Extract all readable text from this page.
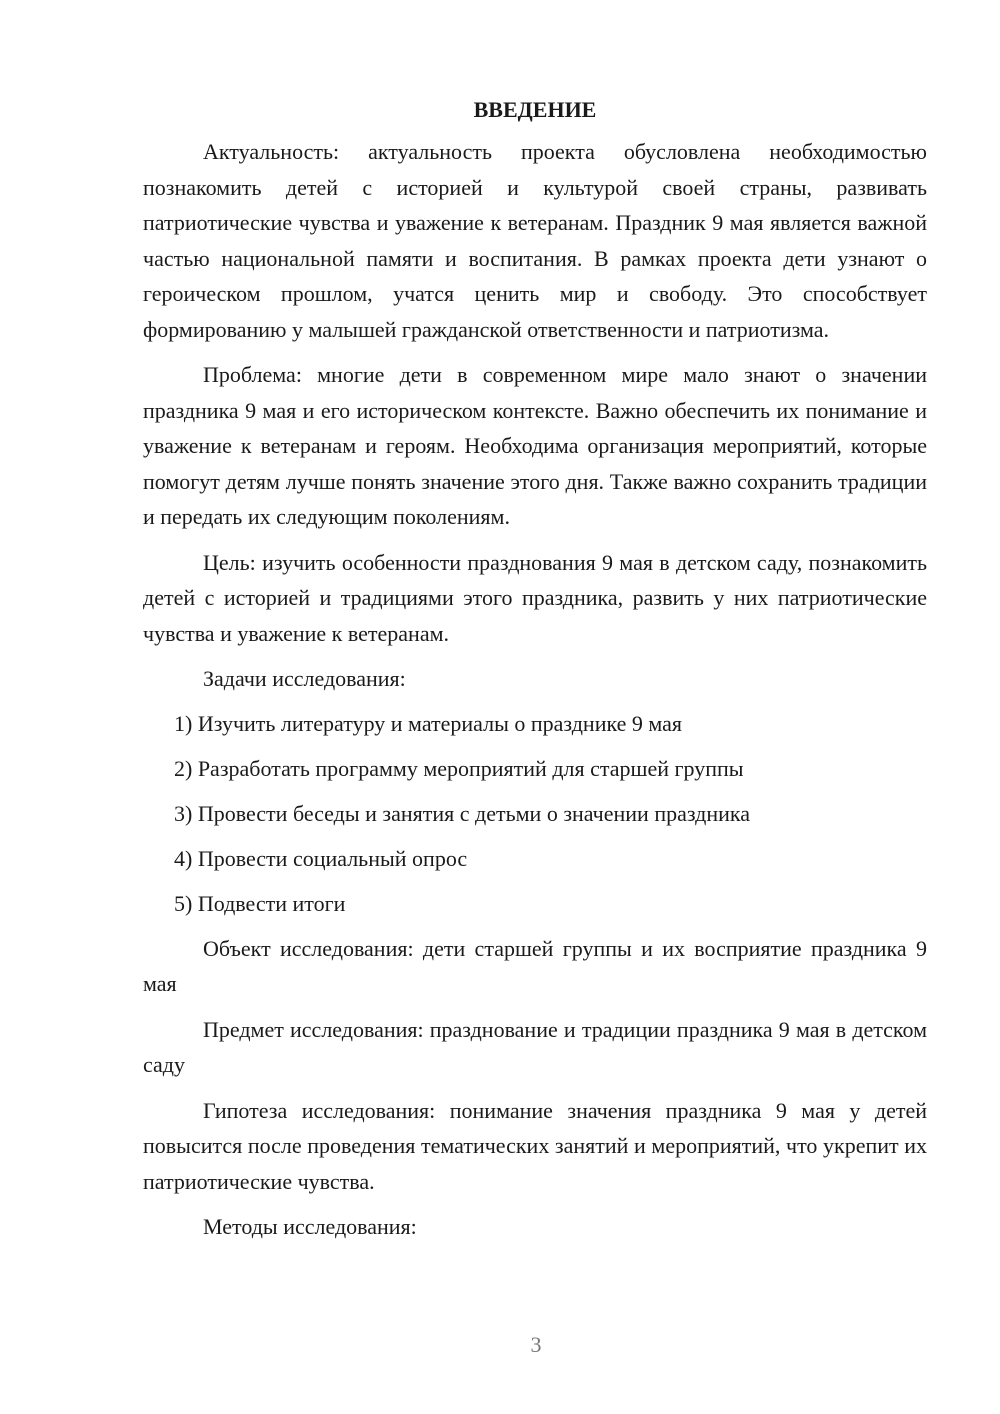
ВВЕДЕНИЕ

Актуальность: актуальность проекта обусловлена необходимостью познакомить детей с историей и культурой своей страны, развивать патриотические чувства и уважение к ветеранам. Праздник 9 мая является важной частью национальной памяти и воспитания. В рамках проекта дети узнают о героическом прошлом, учатся ценить мир и свободу. Это способствует формированию у малышей гражданской ответственности и патриотизма.

Проблема: многие дети в современном мире мало знают о значении праздника 9 мая и его историческом контексте. Важно обеспечить их понимание и уважение к ветеранам и героям. Необходима организация мероприятий, которые помогут детям лучше понять значение этого дня. Также важно сохранить традиции и передать их следующим поколениям.

Цель: изучить особенности празднования 9 мая в детском саду, познакомить детей с историей и традициями этого праздника, развить у них патриотические чувства и уважение к ветеранам.

Задачи исследования:

1) Изучить литературу и материалы о празднике 9 мая

2) Разработать программу мероприятий для старшей группы

3) Провести беседы и занятия с детьми о значении праздника

4) Провести социальный опрос

5) Подвести итоги

Объект исследования: дети старшей группы и их восприятие праздника 9 мая

Предмет исследования: празднование и традиции праздника 9 мая в детском саду

Гипотеза исследования: понимание значения праздника 9 мая у детей повысится после проведения тематических занятий и мероприятий, что укрепит их патриотические чувства.

Методы исследования:

3
